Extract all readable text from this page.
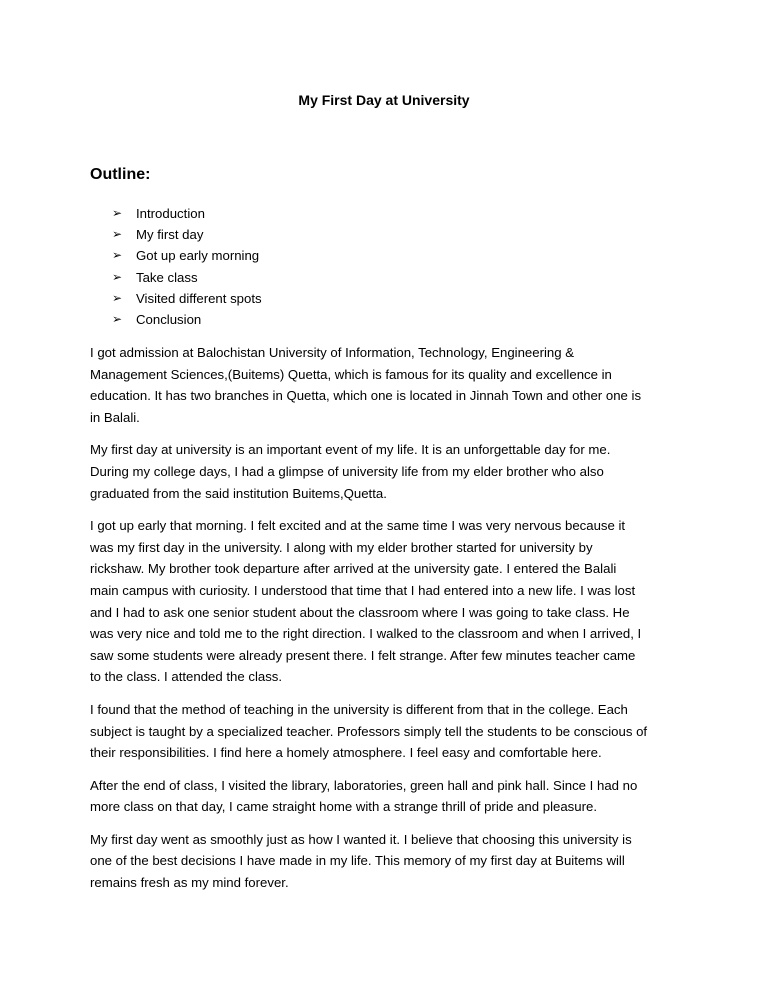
My First Day at University
Outline:
➢	Introduction
➢	My first day
➢	Got up early morning
➢	Take class
➢	Visited different spots
➢	Conclusion

I got admission at Balochistan University of Information, Technology, Engineering &
Management Sciences,(Buitems) Quetta, which is famous for its quality and excellence in
education. It has two branches in Quetta, which one is located in Jinnah Town and other one is
in Balali.

My first day at university is an important event of my life. It is an unforgettable day for me.
During my college days, I had a glimpse of university life from my elder brother who also
graduated from the said institution Buitems,Quetta.

I got up early that morning. I felt excited and at the same time I was very nervous because it
was my first day in the university. I along with my elder brother started for university by
rickshaw. My brother took departure after arrived at the university gate. I entered the Balali
main campus with curiosity. I understood that time that I had entered into a new life. I was lost
and I had to ask one senior student about the classroom where I was going to take class. He
was very nice and told me to the right direction. I walked to the classroom and when I arrived, I
saw some students were already present there. I felt strange. After few minutes teacher came
to the class. I attended the class.

I found that the method of teaching in the university is different from that in the college. Each
subject is taught by a specialized teacher. Professors simply tell the students to be conscious of
their responsibilities. I find here a homely atmosphere. I feel easy and comfortable here.

After the end of class, I visited the library, laboratories, green hall and pink hall. Since I had no
more class on that day, I came straight home with a strange thrill of pride and pleasure.

My first day went as smoothly just as how I wanted it. I believe that choosing this university is
one of the best decisions I have made in my life. This memory of my first day at Buitems will
remains fresh as my mind forever.
